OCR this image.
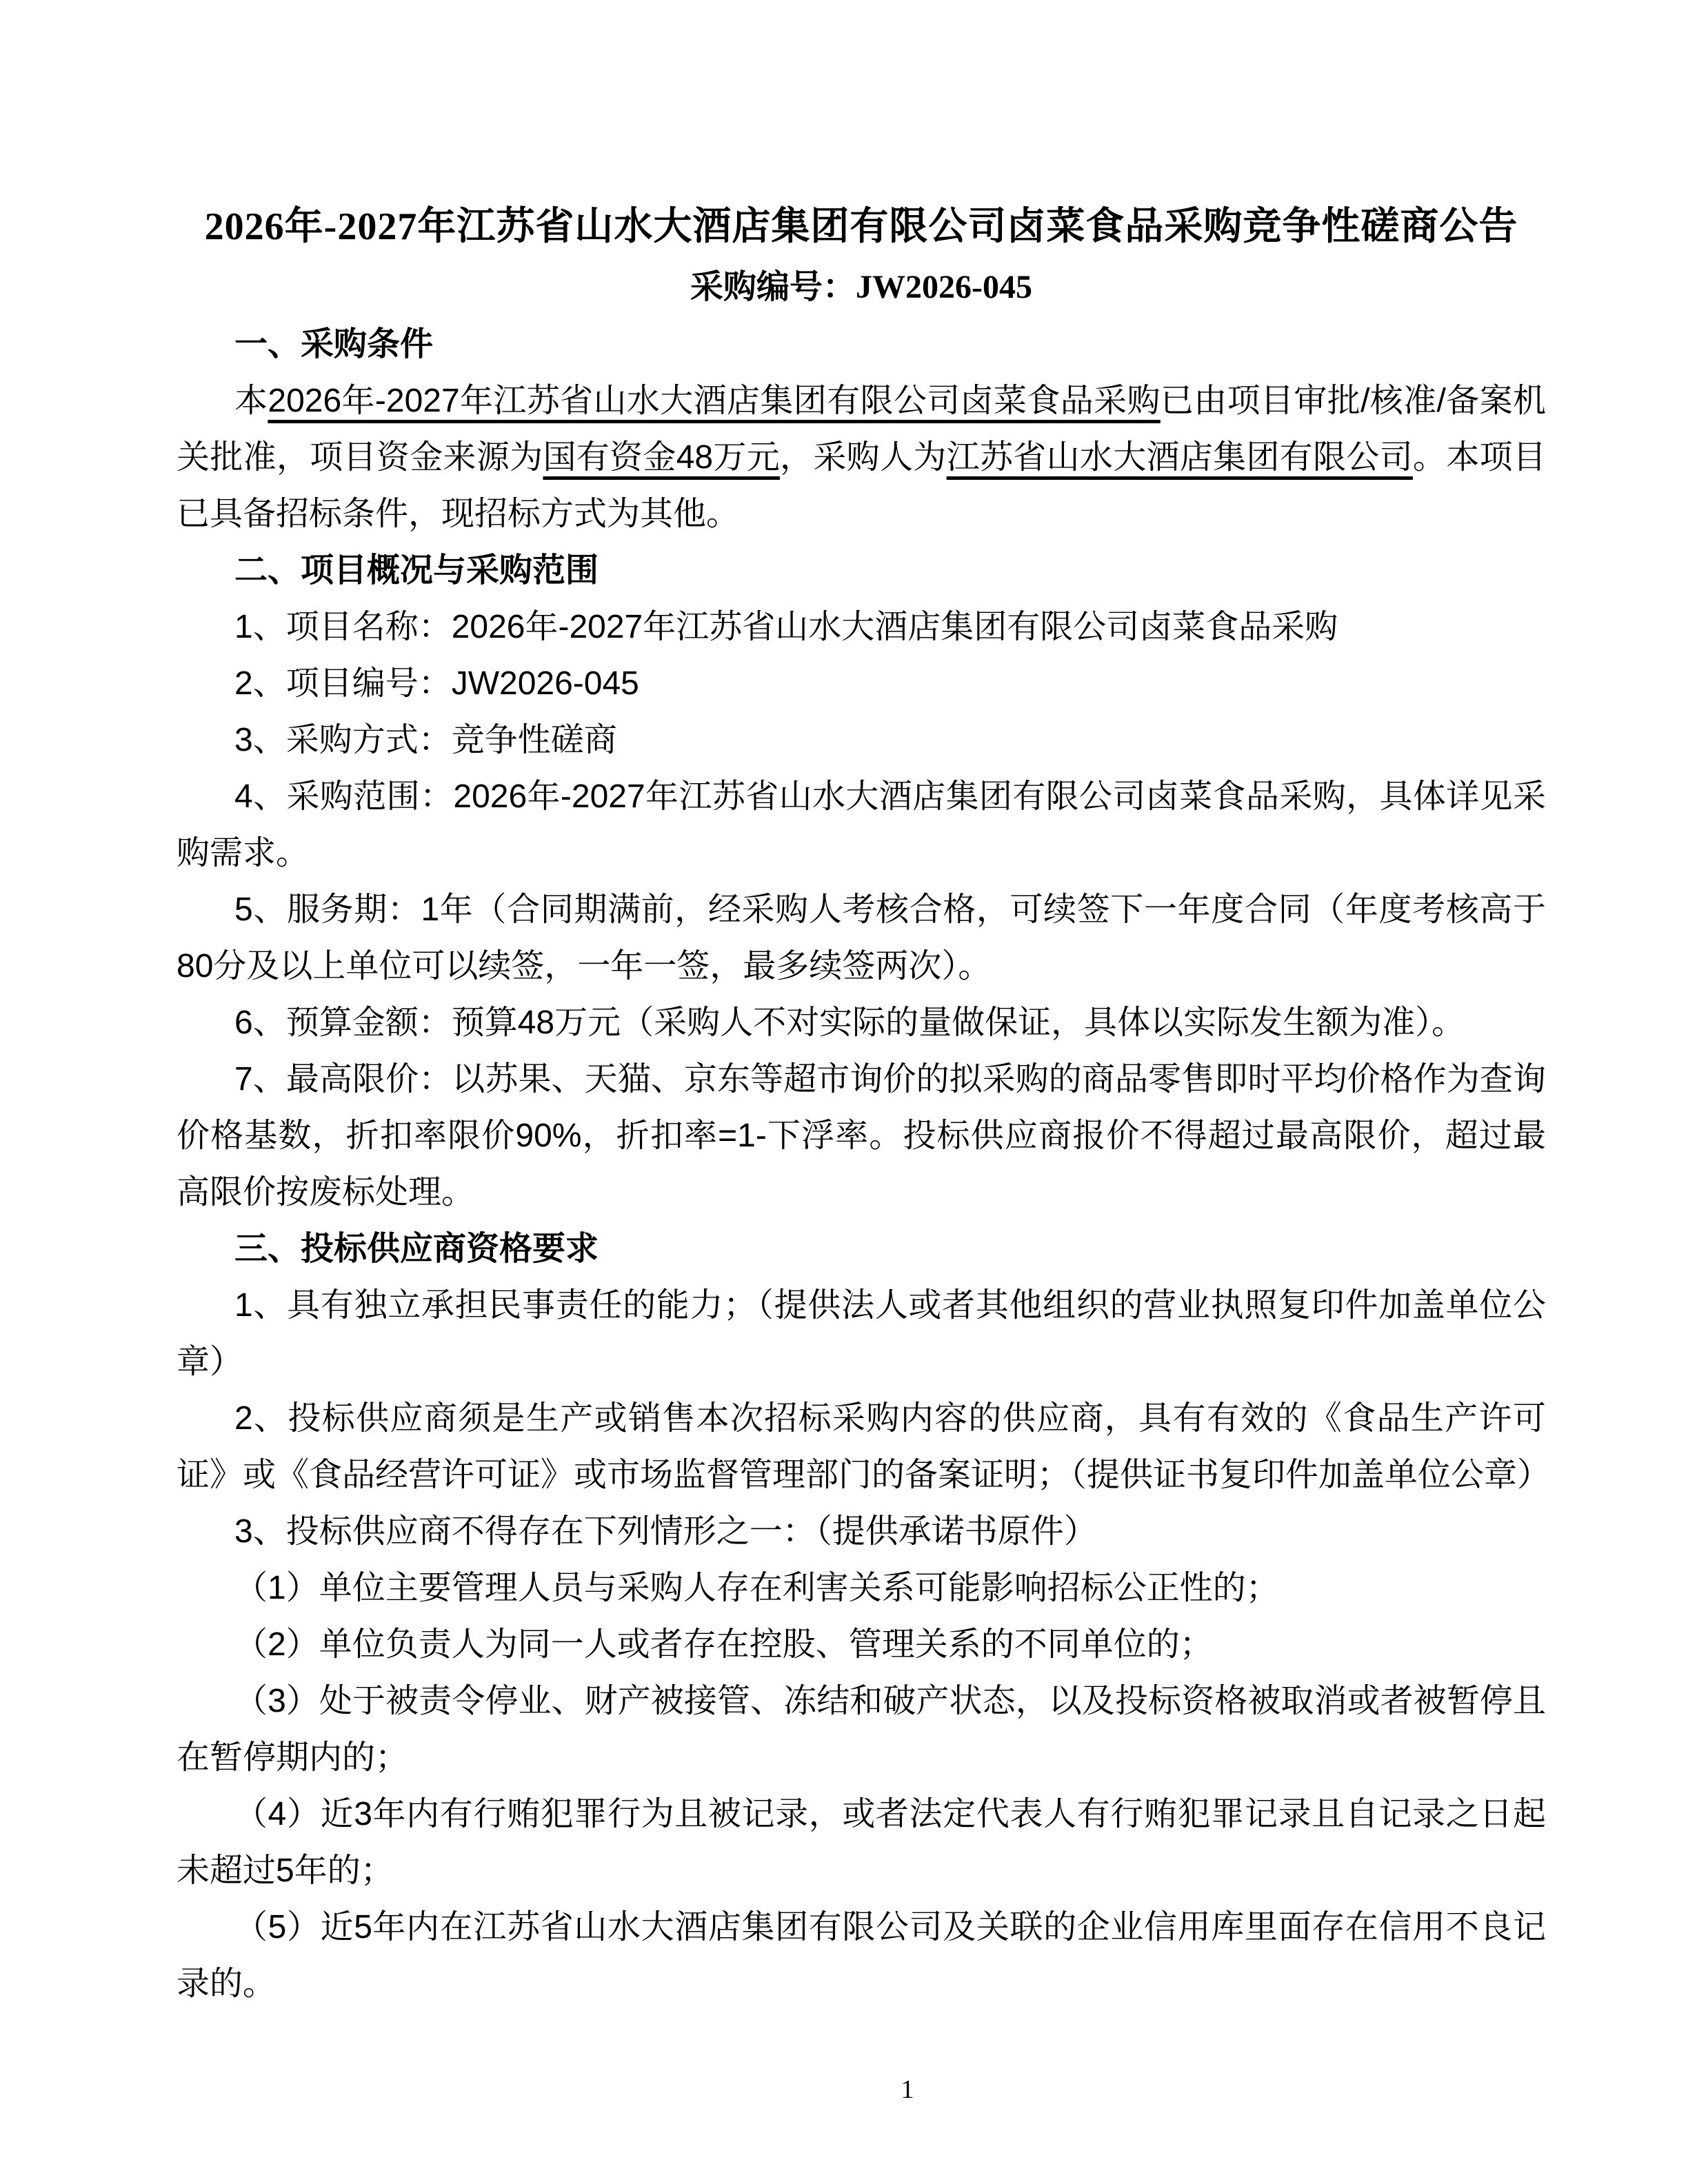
2026年-2027年江苏省山水大酒店集团有限公司卤菜食品采购竞争性磋商公告

采购编号：JW2026-045

一、采购条件

本2026年-2027年江苏省山水大酒店集团有限公司卤菜食品采购已由项目审批/核准/备案机关批准，项目资金来源为国有资金48万元，采购人为江苏省山水大酒店集团有限公司。本项目已具备招标条件，现招标方式为其他。

二、项目概况与采购范围

1、项目名称：2026年-2027年江苏省山水大酒店集团有限公司卤菜食品采购

2、项目编号：JW2026-045

3、采购方式：竞争性磋商

4、采购范围：2026年-2027年江苏省山水大酒店集团有限公司卤菜食品采购，具体详见采购需求。

5、服务期：1年（合同期满前，经采购人考核合格，可续签下一年度合同（年度考核高于80分及以上单位可以续签，一年一签，最多续签两次）。

6、预算金额：预算48万元（采购人不对实际的量做保证，具体以实际发生额为准）。

7、最高限价：以苏果、天猫、京东等超市询价的拟采购的商品零售即时平均价格作为查询价格基数，折扣率限价90%，折扣率=1-下浮率。投标供应商报价不得超过最高限价，超过最高限价按废标处理。

三、投标供应商资格要求

1、具有独立承担民事责任的能力；（提供法人或者其他组织的营业执照复印件加盖单位公章）

2、投标供应商须是生产或销售本次招标采购内容的供应商，具有有效的《食品生产许可证》或《食品经营许可证》或市场监督管理部门的备案证明；（提供证书复印件加盖单位公章）

3、投标供应商不得存在下列情形之一：（提供承诺书原件）

（1）单位主要管理人员与采购人存在利害关系可能影响招标公正性的；

（2）单位负责人为同一人或者存在控股、管理关系的不同单位的；

（3）处于被责令停业、财产被接管、冻结和破产状态，以及投标资格被取消或者被暂停且在暂停期内的；

（4）近3年内有行贿犯罪行为且被记录，或者法定代表人有行贿犯罪记录且自记录之日起未超过5年的；

（5）近5年内在江苏省山水大酒店集团有限公司及关联的企业信用库里面存在信用不良记录的。

1
